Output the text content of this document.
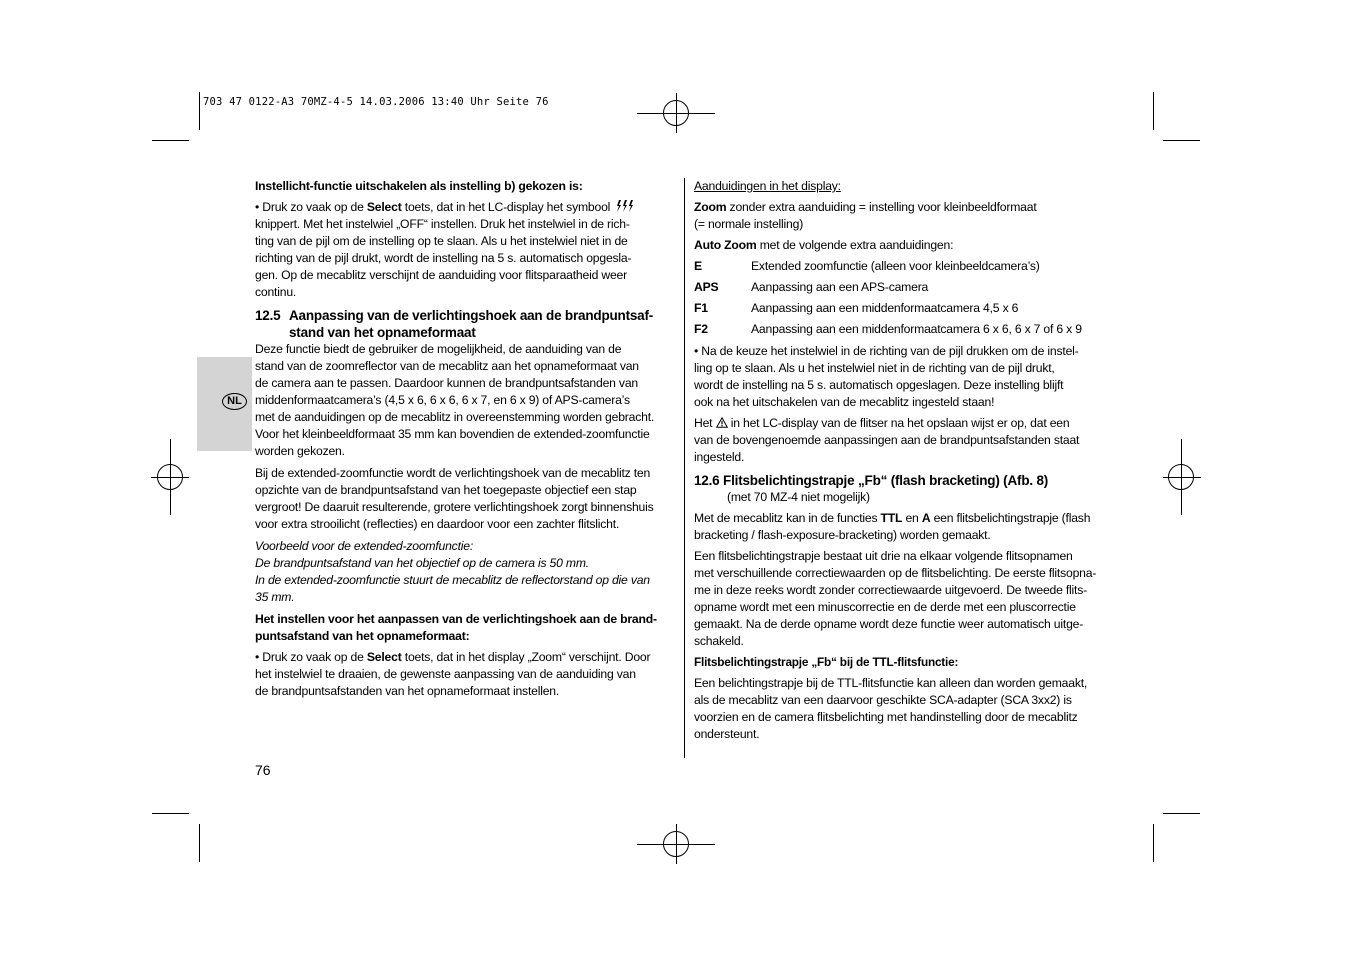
703 47 0122-A3 70MZ-4-5 14.03.2006 13:40 Uhr Seite 76
NL

Instellicht-functie uitschakelen als instelling b) gekozen is:

• Druk zo vaak op de Select toets, dat in het LC-display het symbool

knippert. Met het instelwiel „OFF“ instellen. Druk het instelwiel in de rich-

ting van de pijl om de instelling op te slaan. Als u het instelwiel niet in de

richting van de pijl drukt, wordt de instelling na 5 s. automatisch opgesla-

gen. Op de mecablitz verschijnt de aanduiding voor flitsparaatheid weer

continu.

12.5 Aanpassing van de verlichtingshoek aan de brandpuntsaf-

stand van het opnameformaat

Deze functie biedt de gebruiker de mogelijkheid, de aanduiding van de

stand van de zoomreflector van de mecablitz aan het opnameformaat van

de camera aan te passen. Daardoor kunnen de brandpuntsafstanden van

middenformaatcamera’s (4,5 x 6, 6 x 6, 6 x 7, en 6 x 9) of APS-camera’s

met de aanduidingen op de mecablitz in overeenstemming worden gebracht.

Voor het kleinbeeldformaat 35 mm kan bovendien de extended-zoomfunctie

worden gekozen.

Bij de extended-zoomfunctie wordt de verlichtingshoek van de mecablitz ten

opzichte van de brandpuntsafstand van het toegepaste objectief een stap

vergroot! De daaruit resulterende, grotere verlichtingshoek zorgt binnenshuis

voor extra strooilicht (reflecties) en daardoor voor een zachter flitslicht.

Voorbeeld voor de extended-zoomfunctie:

De brandpuntsafstand van het objectief op de camera is 50 mm.

In de extended-zoomfunctie stuurt de mecablitz de reflectorstand op die van

35 mm.

Het instellen voor het aanpassen van de verlichtingshoek aan de brand-

puntsafstand van het opnameformaat:

• Druk zo vaak op de Select toets, dat in het display „Zoom“ verschijnt. Door

het instelwiel te draaien, de gewenste aanpassing van de aanduiding van

de brandpuntsafstanden van het opnameformaat instellen.

Aanduidingen in het display:

Zoom zonder extra aanduiding = instelling voor kleinbeeldformaat

(= normale instelling)

Auto Zoom met de volgende extra aanduidingen:

E	Extended zoomfunctie (alleen voor kleinbeeldcamera’s)
APS	Aanpassing aan een APS-camera
F1	Aanpassing aan een middenformaatcamera 4,5 x 6
F2	Aanpassing aan een middenformaatcamera 6 x 6, 6 x 7 of 6 x 9

• Na de keuze het instelwiel in de richting van de pijl drukken om de instel-

ling op te slaan. Als u het instelwiel niet in de richting van de pijl drukt,

wordt de instelling na 5 s. automatisch opgeslagen. Deze instelling blijft

ook na het uitschakelen van de mecablitz ingesteld staan!

Het  in het LC-display van de flitser na het opslaan wijst er op, dat een

van de bovengenoemde aanpassingen aan de brandpuntsafstanden staat

ingesteld.

12.6 Flitsbelichtingstrapje „Fb“ (flash bracketing) (Afb. 8)

(met 70 MZ-4 niet mogelijk)

Met de mecablitz kan in de functies TTL en A een flitsbelichtingstrapje (flash

bracketing / flash-exposure-bracketing) worden gemaakt.

Een flitsbelichtingstrapje bestaat uit drie na elkaar volgende flitsopnamen

met verschuillende correctiewaarden op de flitsbelichting. De eerste flitsopna-

me in deze reeks wordt zonder correctiewaarde uitgevoerd. De tweede flits-

opname wordt met een minuscorrectie en de derde met een pluscorrectie

gemaakt. Na de derde opname wordt deze functie weer automatisch uitge-

schakeld.

Flitsbelichtingstrapje „Fb“ bij de TTL-flitsfunctie:

Een belichtingstrapje bij de TTL-flitsfunctie kan alleen dan worden gemaakt,

als de mecablitz van een daarvoor geschikte SCA-adapter (SCA 3xx2) is

voorzien en de camera flitsbelichting met handinstelling door de mecablitz

ondersteunt.

76
